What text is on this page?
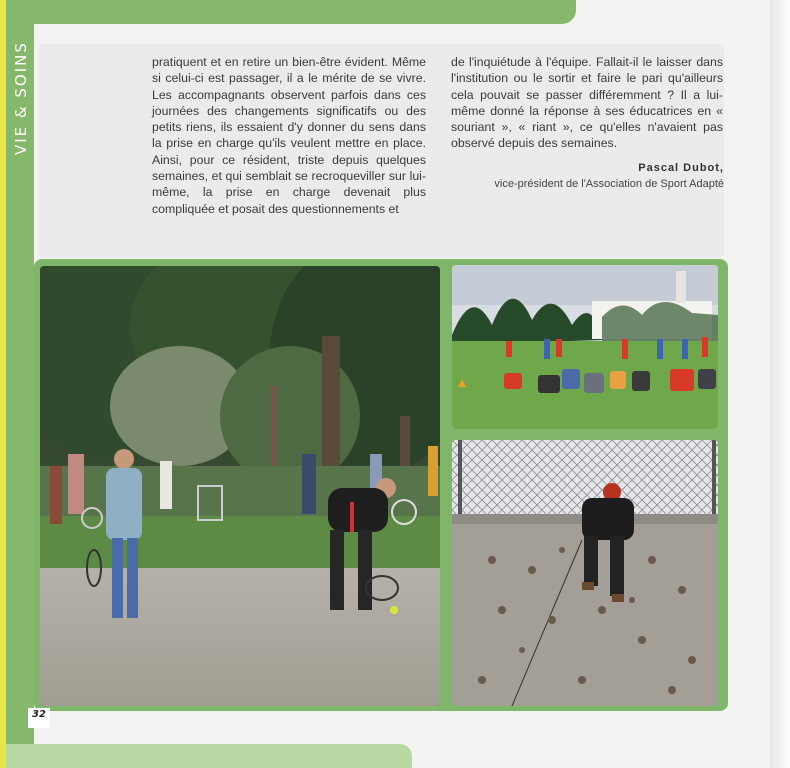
VIE & SOINS	pratiquent et en retire un bien-être évident. Même si celui-ci est passager, il a le mérite de se vivre. Les accompagnants observent parfois dans ces journées des changements significatifs ou des petits riens, ils essaient d'y donner du sens dans la prise en charge qu'ils veulent mettre en place. Ainsi, pour ce résident, triste depuis quelques semaines, et qui semblait se recroqueviller sur lui-même, la prise en charge devenait plus compliquée et posait des questionnements et
de l'inquiétude à l'équipe. Fallait-il le laisser dans l'institution ou le sortir et faire le pari qu'ailleurs cela pouvait se passer différemment ? Il a lui-même donné la réponse à ses éducatrices en « souriant », « riant », ce qu'elles n'avaient pas observé depuis des semaines.
Pascal Dubot,
vice-président de l'Association de Sport Adapté
32
